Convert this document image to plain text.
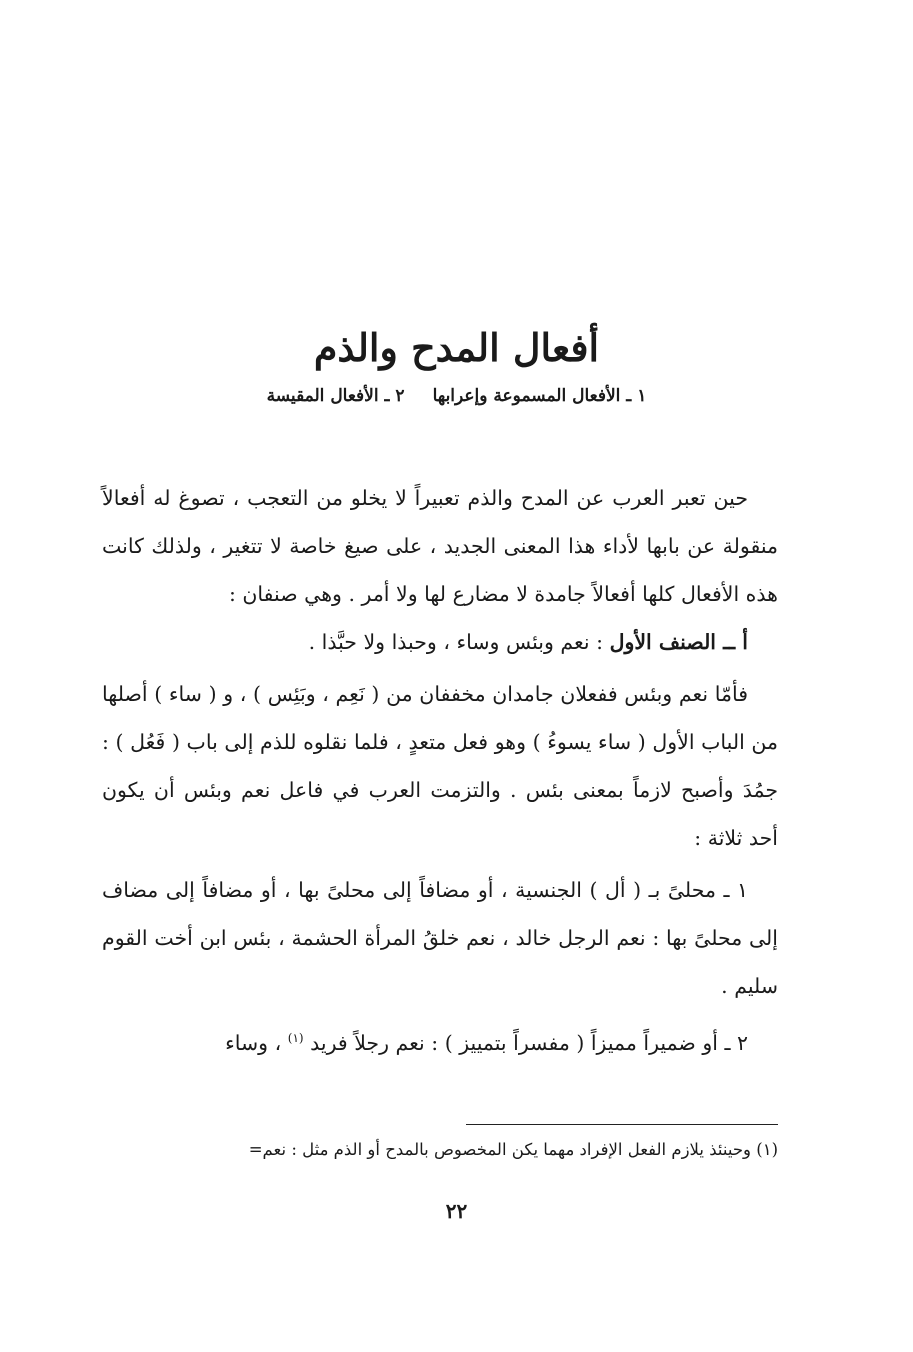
أفعال المدح والذم
١ ـ الأفعال المسموعة وإعرابها٢ ـ الأفعال المقيسة

حين تعبر العرب عن المدح والذم تعبيراً لا يخلو من التعجب ، تصوغ له أفعالاً منقولة عن بابها لأداء هذا المعنى الجديد ، على صيغ خاصة لا تتغير ، ولذلك كانت هذه الأفعال كلها أفعالاً جامدة لا مضارع لها ولا أمر . وهي صنفان :

أ ــ الصنف الأول : نعم وبئس وساء ، وحبذا ولا حبَّذا .

فأمّا نعم وبئس ففعلان جامدان مخففان من ( نَعِم ، وبَئِس ) ، و ( ساء ) أصلها من الباب الأول ( ساء يسوءُ ) وهو فعل متعدٍ ، فلما نقلوه للذم إلى باب ( فَعُل ) : جمُدَ وأصبح لازماً بمعنى بئس . والتزمت العرب في فاعل نعم وبئس أن يكون أحد ثلاثة :

١ ـ محلىً بـ ( أل ) الجنسية ، أو مضافاً إلى محلىً بها ، أو مضافاً إلى مضاف إلى محلىً بها : نعم الرجل خالد ، نعم خلقُ المرأة الحشمة ، بئس ابن أخت القوم سليم .

٢ ـ أو ضميراً مميزاً ( مفسراً بتمييز ) : نعم رجلاً فريد $^{(١)}$ ، وساء

(١) وحينئذ يلازم الفعل الإفراد مهما يكن المخصوص بالمدح أو الذم مثل : نعم=
٢٢
